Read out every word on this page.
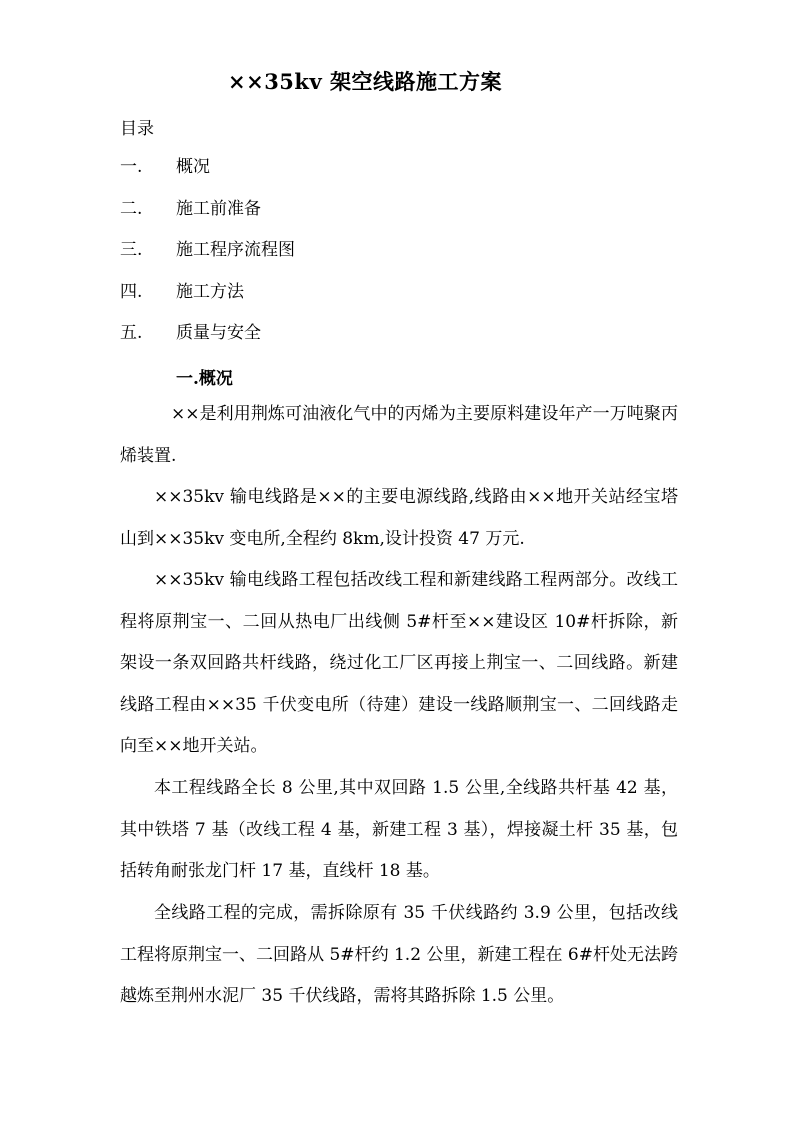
××35kv 架空线路施工方案
目录
一. 概况
二. 施工前准备
三. 施工程序流程图
四. 施工方法
五. 质量与安全
一.概况

××是利用荆炼可油液化气中的丙烯为主要原料建设年产一万吨聚丙烯装置.

××35kv 输电线路是××的主要电源线路,线路由××地开关站经宝塔山到××35kv 变电所,全程约 8km,设计投资 47 万元.

××35kv 输电线路工程包括改线工程和新建线路工程两部分。改线工程将原荆宝一、二回从热电厂出线侧 5#杆至××建设区 10#杆拆除，新架设一条双回路共杆线路，绕过化工厂区再接上荆宝一、二回线路。新建线路工程由××35 千伏变电所（待建）建设一线路顺荆宝一、二回线路走向至××地开关站。

本工程线路全长 8 公里,其中双回路 1.5 公里,全线路共杆基 42 基，其中铁塔 7 基（改线工程 4 基，新建工程 3 基），焊接凝土杆 35 基，包括转角耐张龙门杆 17 基，直线杆 18 基。

全线路工程的完成，需拆除原有 35 千伏线路约 3.9 公里，包括改线工程将原荆宝一、二回路从 5#杆约 1.2 公里，新建工程在 6#杆处无法跨越炼至荆州水泥厂 35 千伏线路，需将其路拆除 1.5 公里。
